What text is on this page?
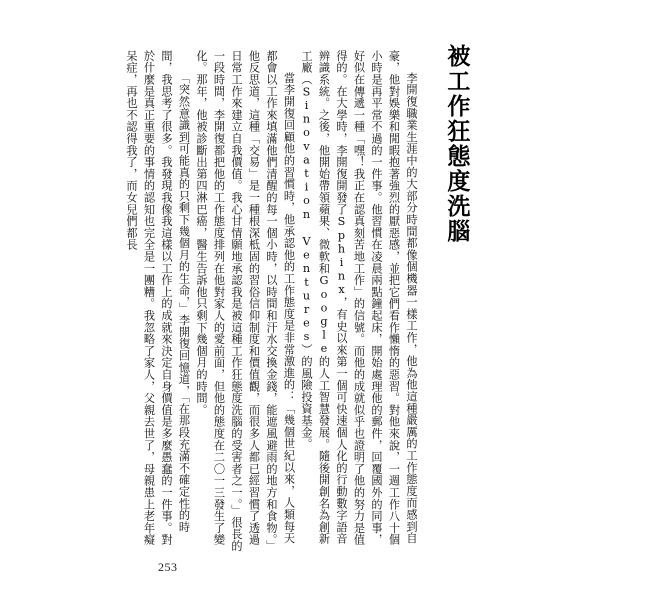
被工作狂態度洗腦

李開復職業生涯中的大部分時間都像個機器一樣工作，他為他這種嚴厲的工作態度而感到自豪，他對娛樂和閒暇抱著強烈的厭惡感，並把它們看作懶惰的惡習。對他來說，一週工作八十個小時是再平常不過的一件事。他習慣在凌晨兩點鐘起床，開始處理他的郵件，回覆國外的同事，好似在傳遞一種「嘿！我正在認真刻苦地工作」的信號。而他的成就似乎也證明了他的努力是值得的。在大學時，李開復開發了Sphinx，有史以來第一個可快速個人化的行動數字語音辨識系統。之後，他開始帶領蘋果、微軟和Google的人工智慧發展。隨後開創名為創新工廠（Sinovation Ventures）的風險投資基金。

當李開復回顧他的習慣時，他承認他的工作態度是非常激進的：「幾個世紀以來，人類每天都會以工作來填滿他們清醒的每一個小時，以時間和汗水交換金錢，能遮風避雨的地方和食物。」他反思道，這種「交易」是一種根深柢固的習俗信仰制度和價值觀，而很多人都已經習慣了透過日常工作來建立自我價值。我心甘情願地承認我是被這種工作狂態度洗腦的受害者之一。」很長的一段時間，李開復都把他的工作態度排列在他對家人的愛前面，但他的態度在二〇一三發生了變化。那年，他被診斷出第四淋巴癌，醫生告訴他只剩下幾個月的時間。

「突然意識到可能真的只剩下幾個月的生命，」李開復回憶道，「在那段充滿不確定性的時間，我思考了很多。我發現我像我這樣以工作上的成就來決定自身價值是多麼愚蠢的一件事。對於什麼是真正重要的事情的認知也完全是一團糟。我忽略了家人，父親去世了，母親患上老年癡呆症，再也不認得我了，而女兒們都長

253
